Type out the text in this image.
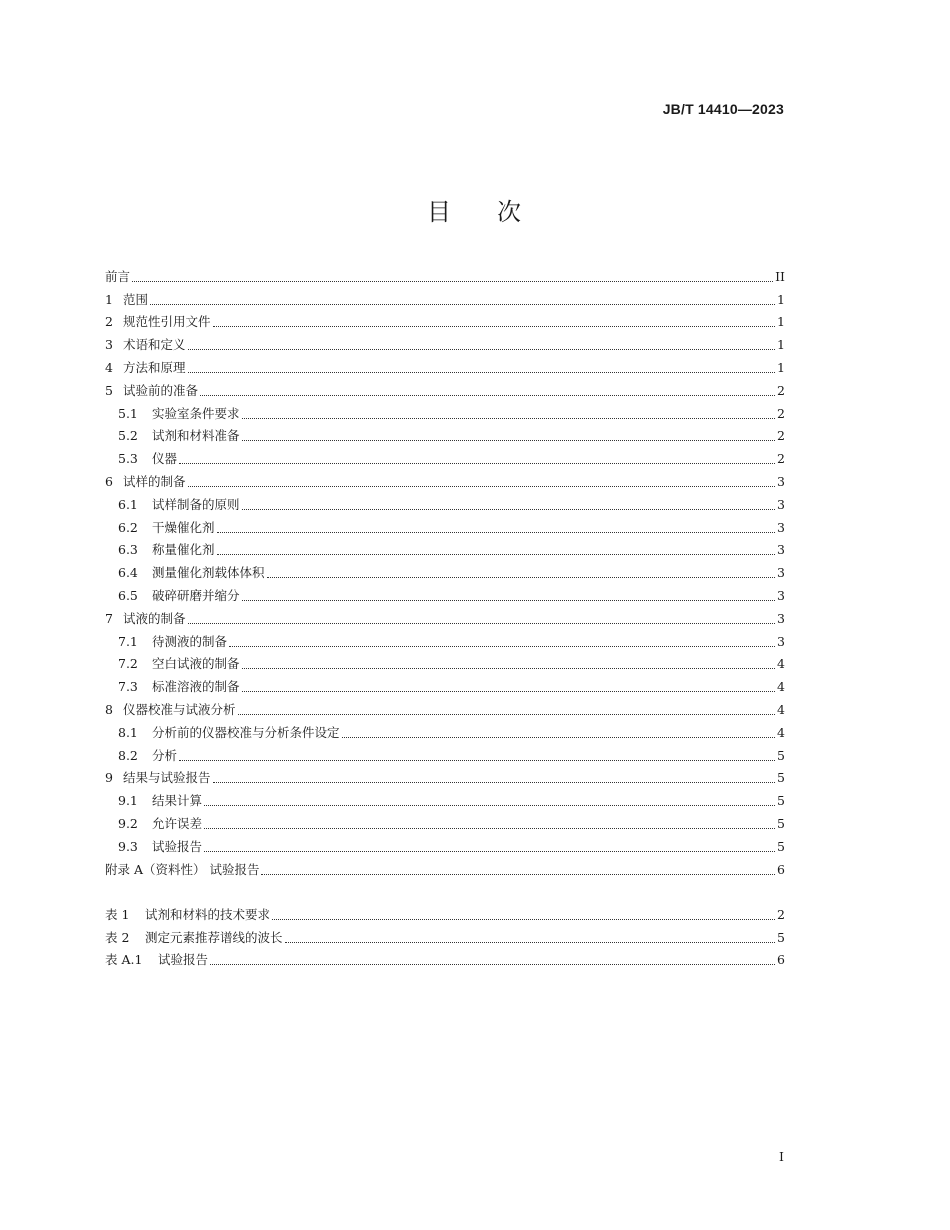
JB/T 14410—2023
目 次
前言	II
1 范围	1
2 规范性引用文件	1
3 术语和定义	1
4 方法和原理	1
5 试验前的准备	2
5.1	实验室条件要求	2
5.2	试剂和材料准备	2
5.3	仪器	2
6 试样的制备	3
6.1	试样制备的原则	3
6.2	干燥催化剂	3
6.3	称量催化剂	3
6.4	测量催化剂载体体积	3
6.5	破碎研磨并缩分	3
7 试液的制备	3
7.1	待测液的制备	3
7.2	空白试液的制备	4
7.3	标准溶液的制备	4
8 仪器校准与试液分析	4
8.1	分析前的仪器校准与分析条件设定	4
8.2	分析	5
9 结果与试验报告	5
9.1	结果计算	5
9.2	允许误差	5
9.3	试验报告	5
附录 A（资料性） 试验报告	6
表 1	试剂和材料的技术要求	2
表 2	测定元素推荐谱线的波长	5
表 A.1	试验报告	6
I
